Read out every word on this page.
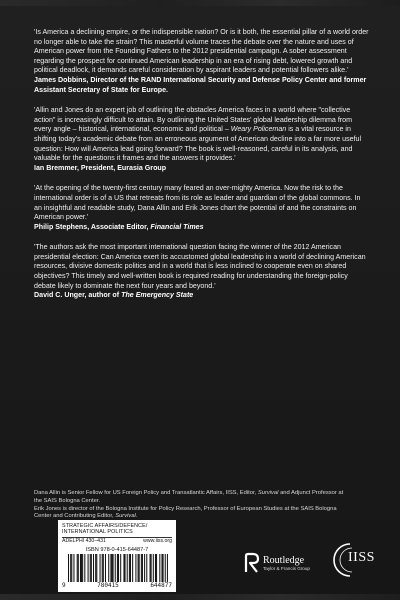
'Is America a declining empire, or the indispensible nation? Or is it both, the essential pillar of a world order no longer able to take the strain? This masterful volume traces the debate over the nature and uses of American power from the Founding Fathers to the 2012 presidential campaign. A sober assessment regarding the prospect for continued American leadership in an era of rising debt, lowered growth and political deadlock, it demands careful consideration by aspirant leaders and potential followers alike.'

James Dobbins, Director of the RAND International Security and Defense Policy Center and former Assistant Secretary of State for Europe.

'Allin and Jones do an expert job of outlining the obstacles America faces in a world where "collective action" is increasingly difficult to attain. By outlining the United States' global leadership dilemma from every angle – historical, international, economic and political – Weary Policeman is a vital resource in shifting today's academic debate from an erroneous argument of American decline into a far more useful question: How will America lead going forward? The book is well-reasoned, careful in its analysis, and valuable for the questions it frames and the answers it provides.'

Ian Bremmer, President, Eurasia Group

'At the opening of the twenty-first century many feared an over-mighty America. Now the risk to the international order is of a US that retreats from its role as leader and guardian of the global commons. In an insightful and readable study, Dana Allin and Erik Jones chart the potential of and the constraints on American power.'

Philip Stephens, Associate Editor, Financial Times

'The authors ask the most important international question facing the winner of the 2012 American presidential election: Can America exert its accustomed global leadership in a world of declining American resources, divisive domestic politics and in a world that is less inclined to cooperate even on shared objectives? This timely and well-written book is required reading for understanding the foreign-policy debate likely to dominate the next four years and beyond.'

David C. Unger, author of The Emergency State

Dana Allin is Senior Fellow for US Foreign Policy and Transatlantic Affairs, IISS, Editor, Survival and Adjunct Professor at the SAIS Bologna Center.

Erik Jones is director of the Bologna Institute for Policy Research, Professor of European Studies at the SAIS Bologna Center and Contributing Editor, Survival.

STRATEGIC AFFAIRS/DEFENCE/ INTERNATIONAL POLITICS
ADELPHI 430–431	www.iiss.org
ISBN 978-0-415-64487-7
9	780415	644877
Routledge
Taylor & Francis Group
IISS
